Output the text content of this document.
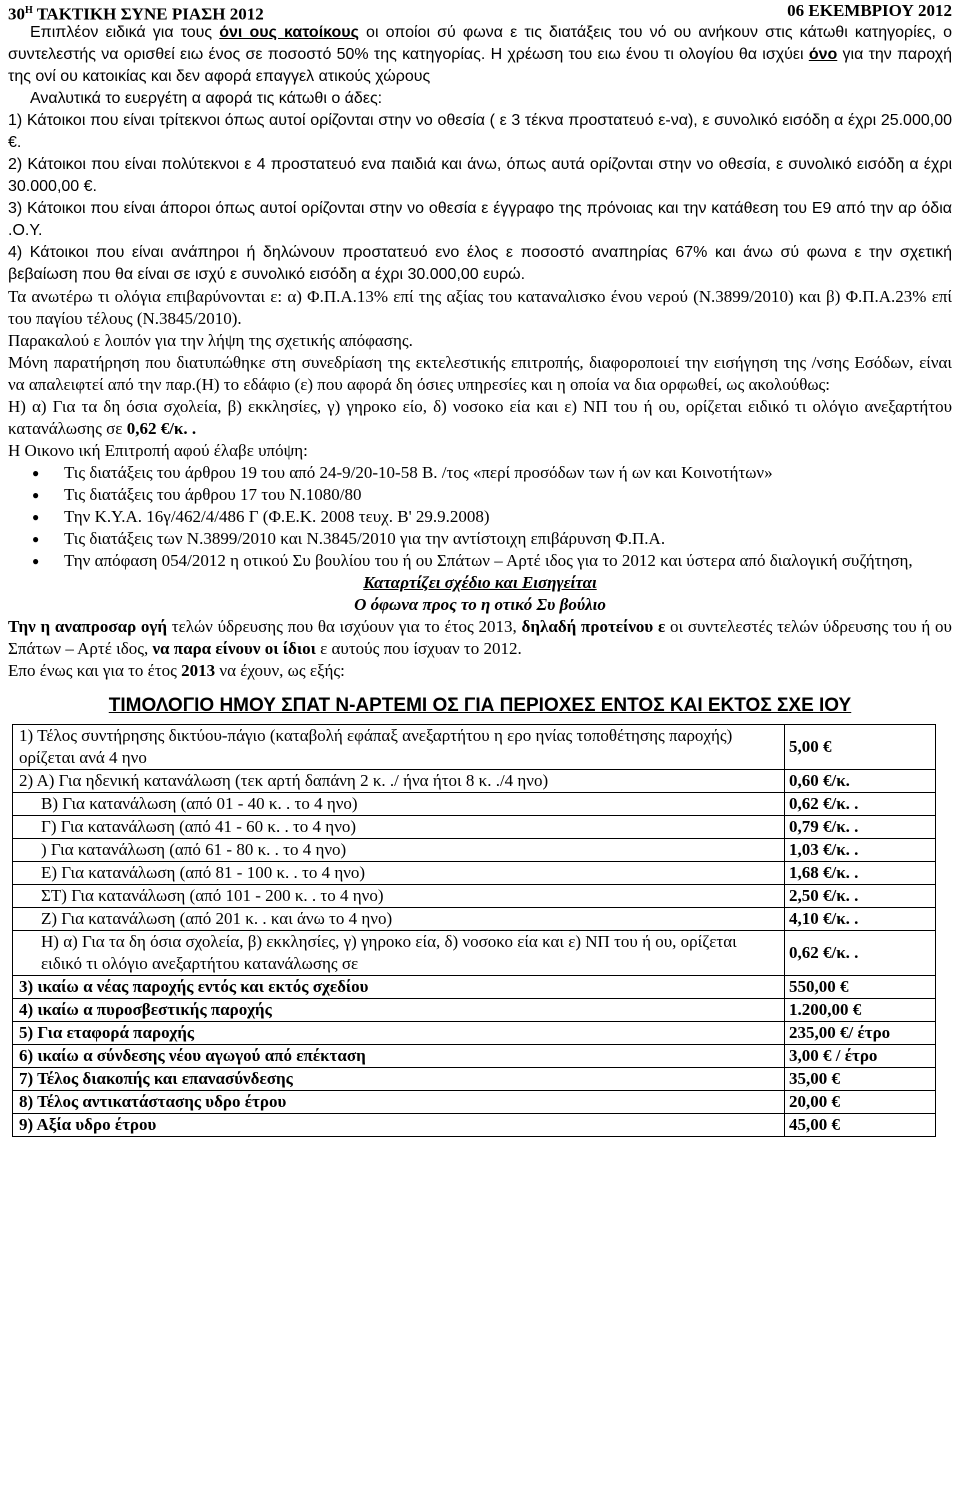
$30^H$ ΤΑΚΤΙΚΗ ΣΥΝΕ ΡΙΑΣΗ 2012	06 ΕΚΕΜΒΡΙΟΥ 2012

Επιπλέον ειδικά για τους όνι ους κατοίκους οι οποίοι σύ φωνα ε τις διατάξεις του νό ου ανήκουν στις κάτωθι κατηγορίες, ο συντελεστής να ορισθεί ειω ένος σε ποσοστό 50% της κατηγορίας. Η χρέωση του ειω ένου τι ολογίου θα ισχύει όνο για την παροχή της ονί ου κατοικίας και δεν αφορά επαγγελ ατικούς χώρους

Αναλυτικά το ευεργέτη α αφορά τις κάτωθι ο άδες:

1) Κάτοικοι που είναι τρίτεκνοι όπως αυτοί ορίζονται στην νο οθεσία ( ε 3 τέκνα προστατευό ε-να), ε συνολικό εισόδη α έχρι 25.000,00 €.

2) Κάτοικοι που είναι πολύτεκνοι ε 4 προστατευό ενα παιδιά και άνω, όπως αυτά ορίζονται στην νο οθεσία, ε συνολικό εισόδη α έχρι 30.000,00 €.

3) Κάτοικοι που είναι άποροι όπως αυτοί ορίζονται στην νο οθεσία ε έγγραφο της πρόνοιας και την κατάθεση του Ε9 από την αρ όδια .Ο.Υ.

4) Κάτοικοι που είναι ανάπηροι ή δηλώνουν προστατευό ενο έλος ε ποσοστό αναπηρίας 67% και άνω σύ φωνα ε την σχετική βεβαίωση που θα είναι σε ισχύ ε συνολικό εισόδη α έχρι 30.000,00 ευρώ.

Τα ανωτέρω τι ολόγια επιβαρύνονται ε: α) Φ.Π.Α.13% επί της αξίας του καταναλισκο ένου νερού (Ν.3899/2010) και β) Φ.Π.Α.23% επί του παγίου τέλους (Ν.3845/2010).

Παρακαλού ε λοιπόν για την λήψη της σχετικής απόφασης.

Μόνη παρατήρηση που διατυπώθηκε στη συνεδρίαση της εκτελεστικής επιτροπής, διαφοροποιεί την εισήγηση της /νσης Εσόδων, είναι να απαλειφτεί από την παρ.(Η) το εδάφιο (ε) που αφορά δη όσιες υπηρεσίες και η οποία να δια ορφωθεί, ως ακολούθως:

Η) α) Για τα δη όσια σχολεία, β) εκκλησίες, γ) γηροκο είο, δ) νοσοκο εία και ε) ΝΠ του ή ου, ορίζεται ειδικό τι ολόγιο ανεξαρτήτου κατανάλωσης σε 0,62 €/κ. .

Η Οικονο ική Επιτροπή αφού έλαβε υπόψη:

● Τις διατάξεις του άρθρου 19 του από 24-9/20-10-58 Β. /τος «περί προσόδων των ή ων και Κοινοτήτων»
● Τις διατάξεις του άρθρου 17 του Ν.1080/80
● Την Κ.Υ.Α. 16γ/462/4/486 Γ (Φ.Ε.Κ. 2008 τευχ. Β' 29.9.2008)
● Τις διατάξεις των Ν.3899/2010 και Ν.3845/2010 για την αντίστοιχη επιβάρυνση Φ.Π.Α.
● Την απόφαση 054/2012 η οτικού Συ βουλίου του ή ου Σπάτων – Αρτέ ιδος για το 2012 και ύστερα από διαλογική συζήτηση,

Καταρτίζει σχέδιο και Εισηγείται

Ο όφωνα προς το η οτικό Συ βούλιο

Την η αναπροσαρ ογή τελών ύδρευσης που θα ισχύουν για το έτος 2013, δηλαδή προτείνου ε οι συντελεστές τελών ύδρευσης του ή ου Σπάτων – Αρτέ ιδος, να παρα είνουν οι ίδιοι ε αυτούς που ίσχυαν το 2012.

Επο ένως και για το έτος 2013 να έχουν, ως εξής:

ΤΙΜΟΛΟΓΙΟ ΗΜΟΥ ΣΠΑΤ Ν-ΑΡΤΕΜΙ ΟΣ ΓΙΑ ΠΕΡΙΟΧΕΣ ΕΝΤΟΣ ΚΑΙ ΕΚΤΟΣ ΣΧΕ ΙΟΥ
1) Τέλος συντήρησης δικτύου-πάγιο (καταβολή εφάπαξ ανεξαρτήτου η ερο ηνίας τοποθέτησης παροχής) ορίζεται ανά 4 ηνο	5,00 €
2) Α) Για ηδενική κατανάλωση (τεκ αρτή δαπάνη 2 κ. ./ ήνα ήτοι 8 κ. ./4 ηνο)	0,60 €/κ.
Β) Για κατανάλωση (από 01 - 40 κ. . το 4 ηνο)	0,62 €/κ. .
Γ) Για κατανάλωση (από 41 - 60 κ. . το 4 ηνο)	0,79 €/κ. .
) Για κατανάλωση (από 61 - 80 κ. . το 4 ηνο)	1,03 €/κ. .
Ε) Για κατανάλωση (από 81 - 100 κ. . το 4 ηνο)	1,68 €/κ. .
ΣΤ) Για κατανάλωση (από 101 - 200 κ. . το 4 ηνο)	2,50 €/κ. .
Ζ) Για κατανάλωση (από 201 κ. . και άνω το 4 ηνο)	4,10 €/κ. .
Η) α) Για τα δη όσια σχολεία, β) εκκλησίες, γ) γηροκο εία, δ) νοσοκο εία και ε) ΝΠ του ή ου, ορίζεται ειδικό τι ολόγιο ανεξαρτήτου κατανάλωσης σε	0,62 €/κ. .
3) ικαίω α νέας παροχής εντός και εκτός σχεδίου	550,00 €
4) ικαίω α πυροσβεστικής παροχής	1.200,00 €
5) Για εταφορά παροχής	235,00 €/ έτρο
6) ικαίω α σύνδεσης νέου αγωγού από επέκταση	3,00 € / έτρο
7) Τέλος διακοπής και επανασύνδεσης	35,00 €
8) Τέλος αντικατάστασης υδρο έτρου	20,00 €
9) Αξία υδρο έτρου	45,00 €
